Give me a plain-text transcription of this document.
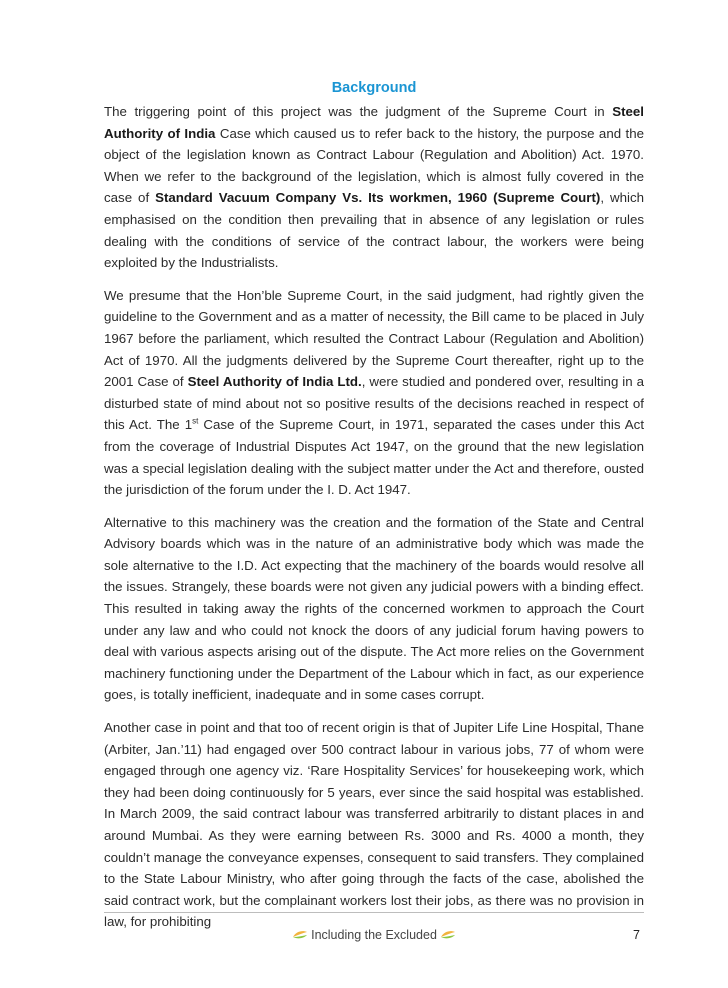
Background

The triggering point of this project was the judgment of the Supreme Court in Steel Authority of India Case which caused us to refer back to the history, the purpose and the object of the legislation known as Contract Labour (Regulation and Abolition) Act. 1970. When we refer to the background of the legislation, which is almost fully covered in the case of Standard Vacuum Company Vs. Its workmen, 1960 (Supreme Court), which emphasised on the condition then prevailing that in absence of any legislation or rules dealing with the conditions of service of the contract labour, the workers were being exploited by the Industrialists.

We presume that the Hon’ble Supreme Court, in the said judgment, had rightly given the guideline to the Government and as a matter of necessity, the Bill came to be placed in July 1967 before the parliament, which resulted the Contract Labour (Regulation and Abolition) Act of 1970. All the judgments delivered by the Supreme Court thereafter, right up to the 2001 Case of Steel Authority of India Ltd., were studied and pondered over, resulting in a disturbed state of mind about not so positive results of the decisions reached in respect of this Act. The 1st Case of the Supreme Court, in 1971, separated the cases under this Act from the coverage of Industrial Disputes Act 1947, on the ground that the new legislation was a special legislation dealing with the subject matter under the Act and therefore, ousted the jurisdiction of the forum under the I. D. Act 1947.

Alternative to this machinery was the creation and the formation of the State and Central Advisory boards which was in the nature of an administrative body which was made the sole alternative to the I.D. Act expecting that the machinery of the boards would resolve all the issues. Strangely, these boards were not given any judicial powers with a binding effect. This resulted in taking away the rights of the concerned workmen to approach the Court under any law and who could not knock the doors of any judicial forum having powers to deal with various aspects arising out of the dispute. The Act more relies on the Government machinery functioning under the Department of the Labour which in fact, as our experience goes, is totally inefficient, inadequate and in some cases corrupt.

Another case in point and that too of recent origin is that of Jupiter Life Line Hospital, Thane (Arbiter, Jan.’11) had engaged over 500 contract labour in various jobs, 77 of whom were engaged through one agency viz. ‘Rare Hospitality Services’ for housekeeping work, which they had been doing continuously for 5 years, ever since the said hospital was established. In March 2009, the said contract labour was transferred arbitrarily to distant places in and around Mumbai. As they were earning between Rs. 3000 and Rs. 4000 a month, they couldn’t manage the conveyance expenses, consequent to said transfers. They complained to the State Labour Ministry, who after going through the facts of the case, abolished the said contract work, but the complainant workers lost their jobs, as there was no provision in law, for prohibiting

Including the Excluded	7
